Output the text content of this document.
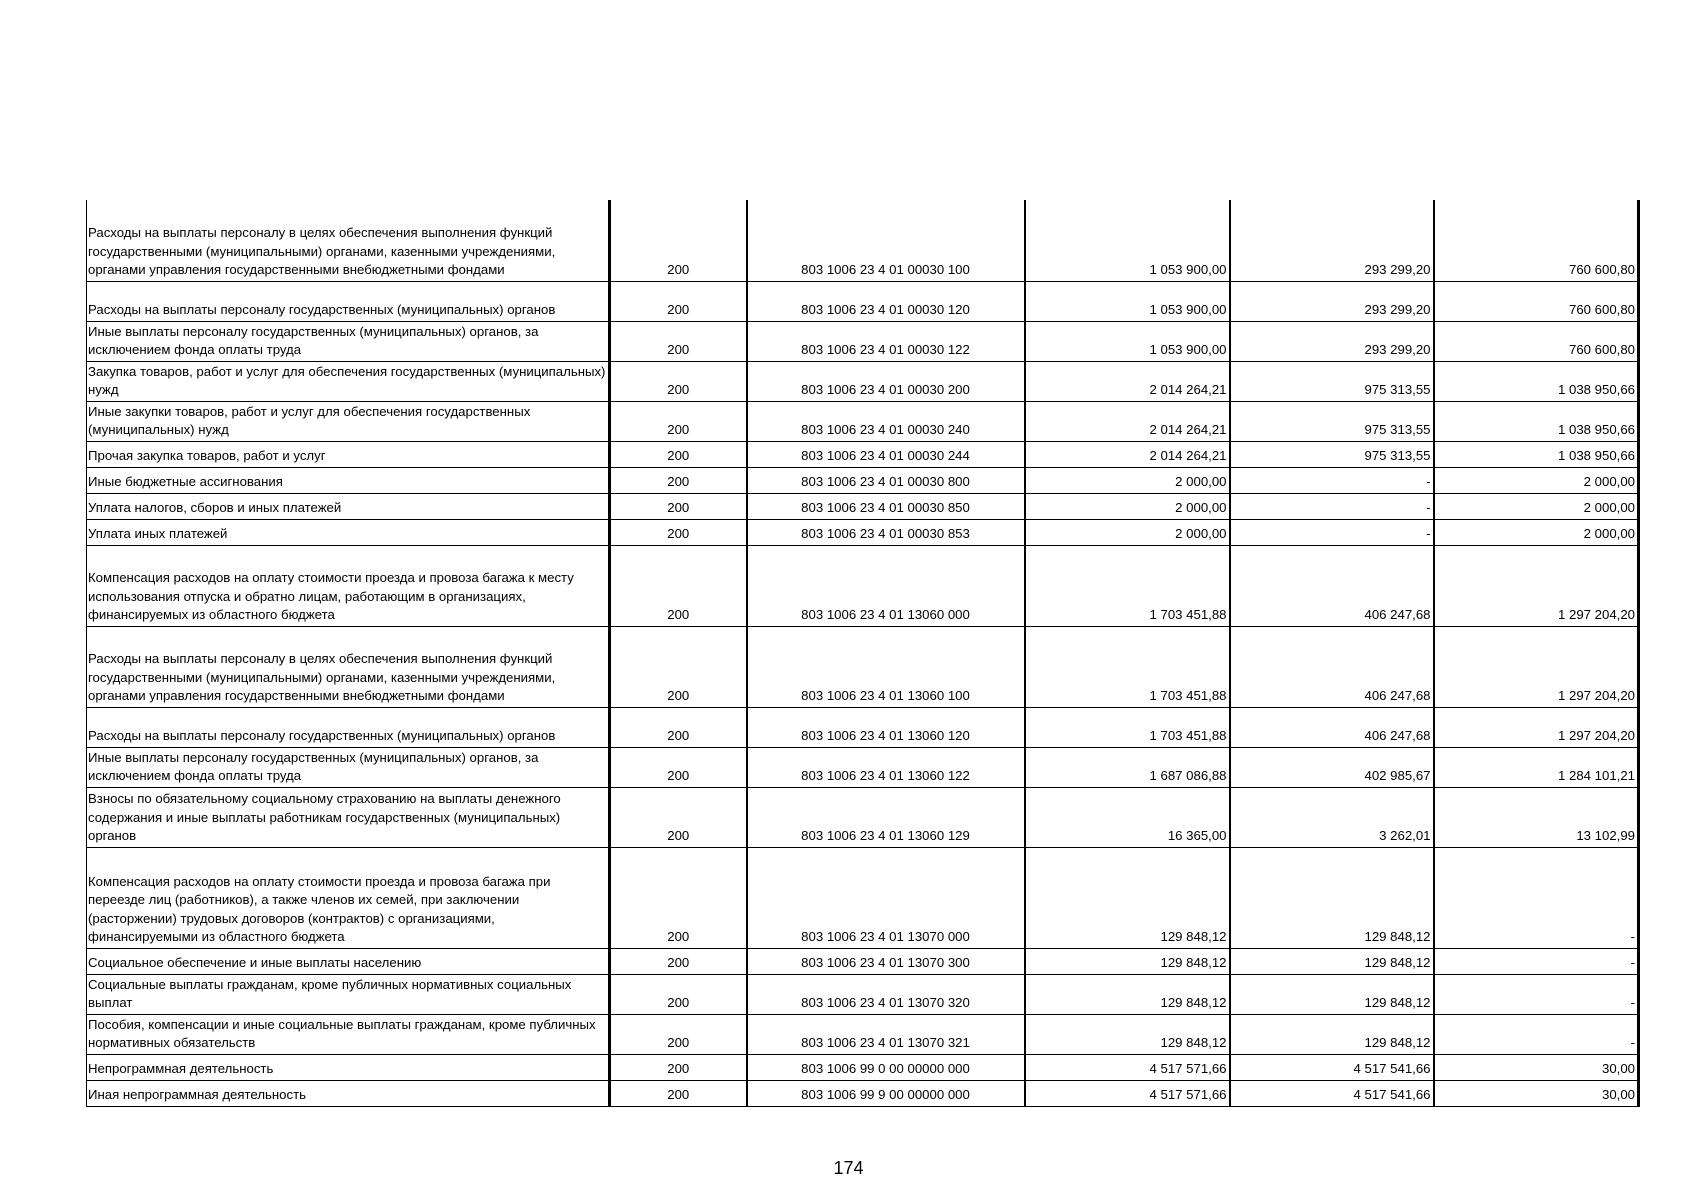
Расходы на выплаты персоналу в целях обеспечения выполнения функций государственными (муниципальными) органами, казенными учреждениями, органами управления государственными внебюджетными фондами	200	803 1006 23 4 01 00030 100	1 053 900,00	293 299,20	760 600,80
Расходы на выплаты персоналу государственных (муниципальных) органов	200	803 1006 23 4 01 00030 120	1 053 900,00	293 299,20	760 600,80
Иные выплаты персоналу государственных (муниципальных) органов, за исключением фонда оплаты труда	200	803 1006 23 4 01 00030 122	1 053 900,00	293 299,20	760 600,80
Закупка товаров, работ и услуг для обеспечения государственных (муниципальных) нужд	200	803 1006 23 4 01 00030 200	2 014 264,21	975 313,55	1 038 950,66
Иные закупки товаров, работ и услуг для обеспечения государственных (муниципальных) нужд	200	803 1006 23 4 01 00030 240	2 014 264,21	975 313,55	1 038 950,66
Прочая закупка товаров, работ и услуг	200	803 1006 23 4 01 00030 244	2 014 264,21	975 313,55	1 038 950,66
Иные бюджетные ассигнования	200	803 1006 23 4 01 00030 800	2 000,00	-	2 000,00
Уплата налогов, сборов и иных платежей	200	803 1006 23 4 01 00030 850	2 000,00	-	2 000,00
Уплата иных платежей	200	803 1006 23 4 01 00030 853	2 000,00	-	2 000,00
Компенсация расходов на оплату стоимости проезда и провоза багажа к месту использования отпуска и обратно лицам, работающим в организациях, финансируемых из областного бюджета	200	803 1006 23 4 01 13060 000	1 703 451,88	406 247,68	1 297 204,20
Расходы на выплаты персоналу в целях обеспечения выполнения функций государственными (муниципальными) органами, казенными учреждениями, органами управления государственными внебюджетными фондами	200	803 1006 23 4 01 13060 100	1 703 451,88	406 247,68	1 297 204,20
Расходы на выплаты персоналу государственных (муниципальных) органов	200	803 1006 23 4 01 13060 120	1 703 451,88	406 247,68	1 297 204,20
Иные выплаты персоналу государственных (муниципальных) органов, за исключением фонда оплаты труда	200	803 1006 23 4 01 13060 122	1 687 086,88	402 985,67	1 284 101,21
Взносы по обязательному социальному страхованию на выплаты денежного содержания и иные выплаты работникам государственных (муниципальных) органов	200	803 1006 23 4 01 13060 129	16 365,00	3 262,01	13 102,99
Компенсация расходов на оплату стоимости проезда и провоза багажа при переезде лиц (работников), а также членов их семей, при заключении (расторжении) трудовых договоров (контрактов) с организациями, финансируемыми из областного бюджета	200	803 1006 23 4 01 13070 000	129 848,12	129 848,12	-
Социальное обеспечение и иные выплаты населению	200	803 1006 23 4 01 13070 300	129 848,12	129 848,12	-
Социальные выплаты гражданам, кроме публичных нормативных социальных выплат	200	803 1006 23 4 01 13070 320	129 848,12	129 848,12	-
Пособия, компенсации и иные социальные выплаты гражданам, кроме публичных нормативных обязательств	200	803 1006 23 4 01 13070 321	129 848,12	129 848,12	-
Непрограммная деятельность	200	803 1006 99 0 00 00000 000	4 517 571,66	4 517 541,66	30,00
Иная непрограммная деятельность	200	803 1006 99 9 00 00000 000	4 517 571,66	4 517 541,66	30,00
174
